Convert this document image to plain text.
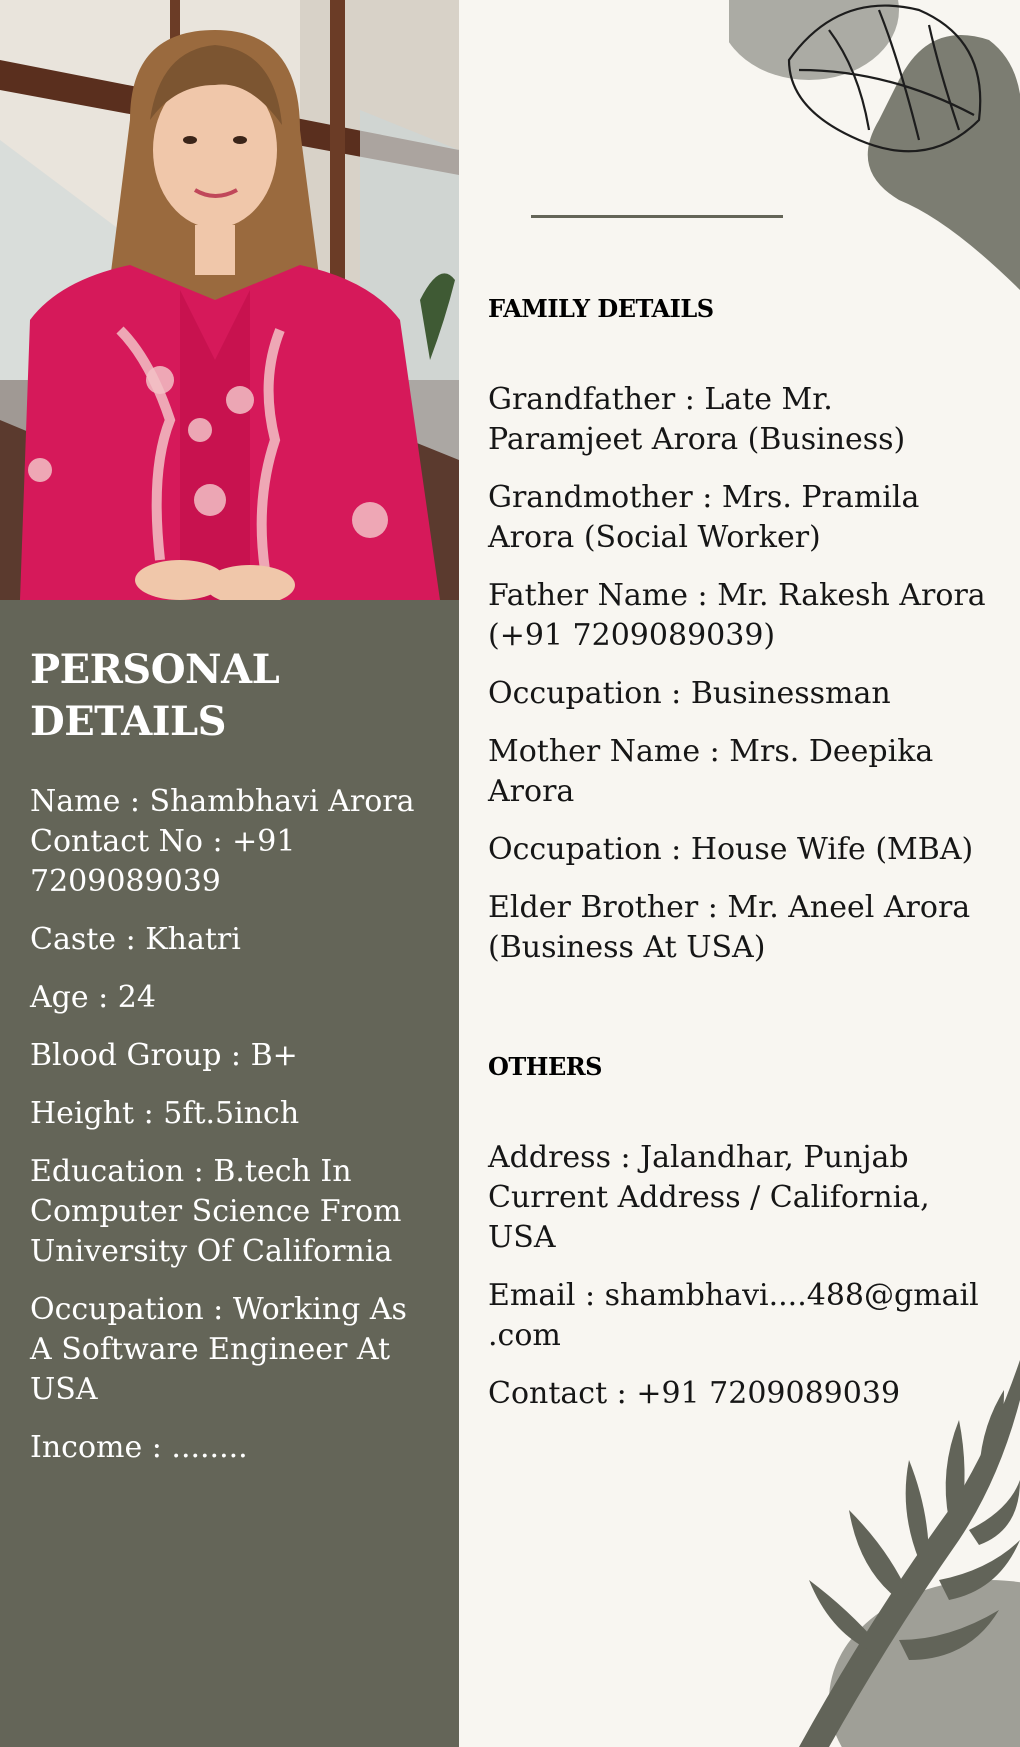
PERSONAL DETAILS
Name : Shambhavi Arora Contact No : +91 7209089039
Caste : Khatri
Age : 24
Blood Group : B+
Height : 5ft.5inch
Education : B.tech In Computer Science From University Of California
Occupation : Working As A Software Engineer At USA
Income : ........
FAMILY DETAILS
Grandfather : Late Mr. Paramjeet Arora (Business)
Grandmother : Mrs. Pramila Arora (Social Worker)
Father Name : Mr. Rakesh Arora (+91 7209089039)
Occupation : Businessman
Mother Name : Mrs. Deepika Arora
Occupation : House Wife (MBA)
Elder Brother : Mr. Aneel Arora (Business At USA)
OTHERS
Address : Jalandhar, Punjab Current Address / California, USA
Email : shambhavi....488@gmail .com
Contact : +91 7209089039
